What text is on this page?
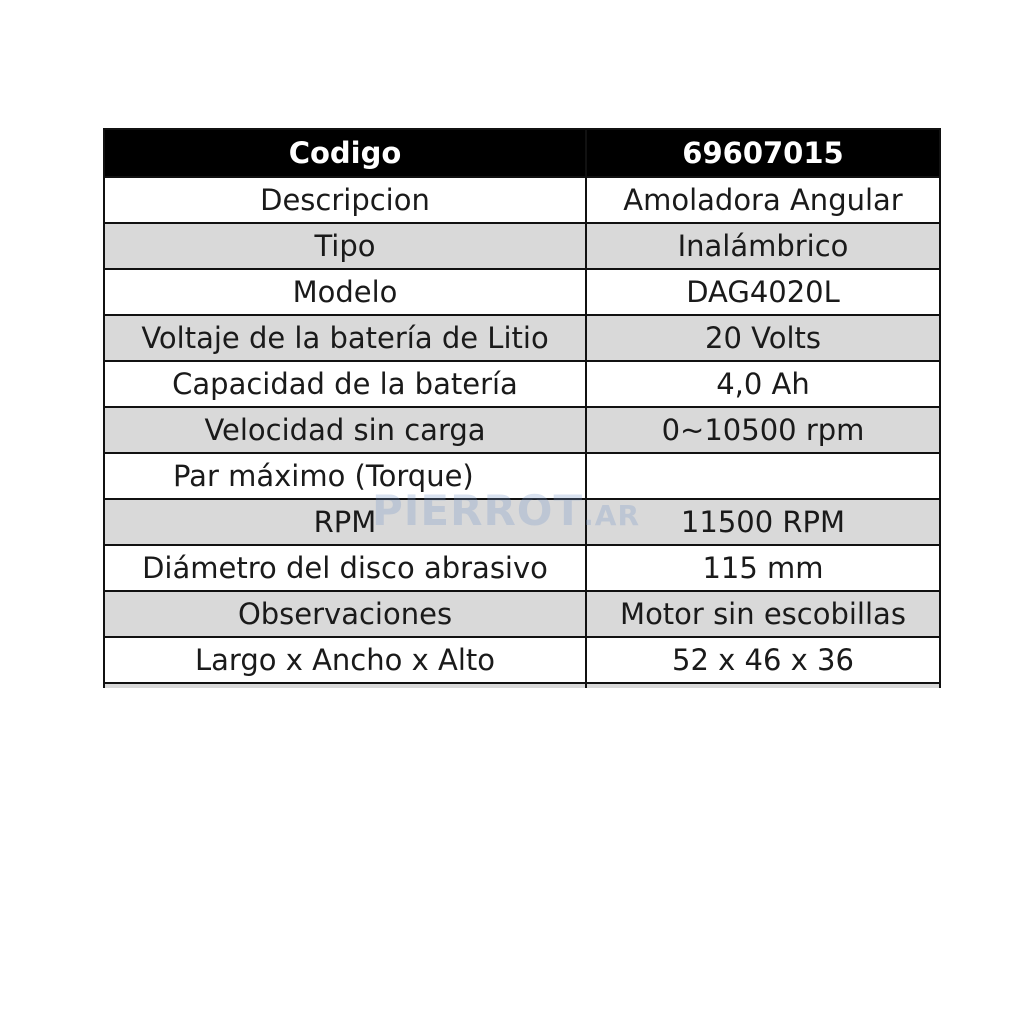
Codigo	69607015
Descripcion	Amoladora Angular
Tipo	Inalámbrico
Modelo	DAG4020L
Voltaje de la batería de Litio	20 Volts
Capacidad de la batería	4,0 Ah
Velocidad sin carga	0~10500 rpm
Par máximo (Torque)	
RPM	11500 RPM
Diámetro del disco abrasivo	115 mm
Observaciones	Motor sin escobillas
Largo x Ancho x Alto	52 x 46 x 36

PIERROT.AR
